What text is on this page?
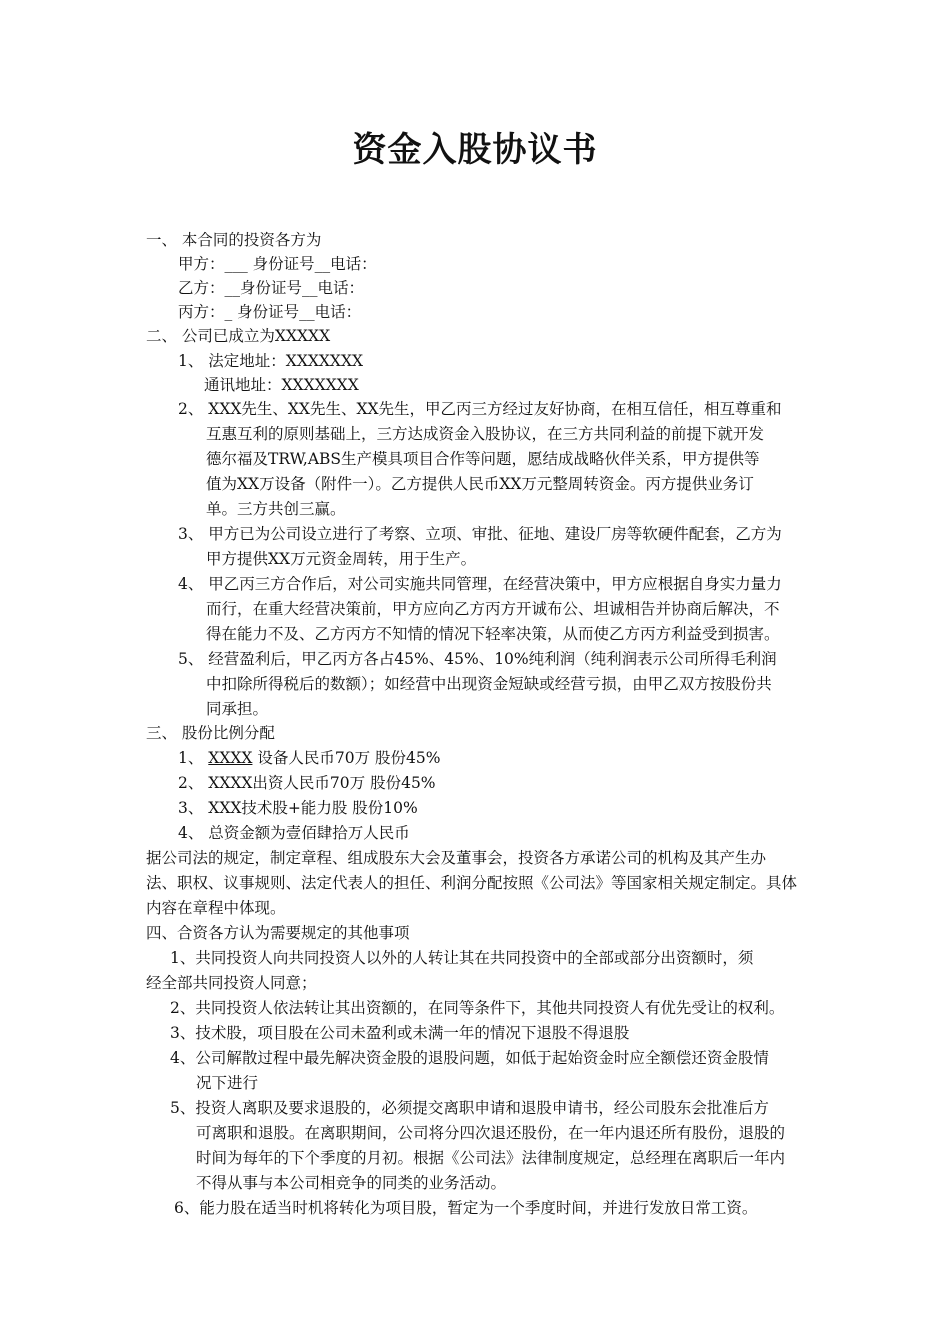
资金入股协议书
一、 本合同的投资各方为
甲方：___ 身份证号__电话：
乙方：__身份证号__电话：
丙方：_ 身份证号__电话：
二、 公司已成立为XXXXX
1、 法定地址：XXXXXXX
通讯地址：XXXXXXX
2、 XXX先生、XX先生、XX先生，甲乙丙三方经过友好协商，在相互信任，相互尊重和
互惠互利的原则基础上，三方达成资金入股协议，在三方共同利益的前提下就开发
德尔福及TRW,ABS生产模具项目合作等问题，愿结成战略伙伴关系，甲方提供等
值为XX万设备（附件一）。乙方提供人民币XX万元整周转资金。丙方提供业务订
单。三方共创三赢。
3、 甲方已为公司设立进行了考察、立项、审批、征地、建设厂房等软硬件配套，乙方为
甲方提供XX万元资金周转，用于生产。
4、 甲乙丙三方合作后，对公司实施共同管理，在经营决策中，甲方应根据自身实力量力
而行，在重大经营决策前，甲方应向乙方丙方开诚布公、坦诚相告并协商后解决，不
得在能力不及、乙方丙方不知情的情况下轻率决策，从而使乙方丙方利益受到损害。
5、 经营盈利后，甲乙丙方各占45%、45%、10%纯利润（纯利润表示公司所得毛利润
中扣除所得税后的数额）；如经营中出现资金短缺或经营亏损，由甲乙双方按股份共
同承担。
三、 股份比例分配
1、 XXXX 设备人民币70万 股份45%
2、 XXXX出资人民币70万 股份45%
3、 XXX技术股+能力股 股份10%
4、 总资金额为壹佰肆拾万人民币
据公司法的规定，制定章程、组成股东大会及董事会，投资各方承诺公司的机构及其产生办
法、职权、议事规则、法定代表人的担任、利润分配按照《公司法》等国家相关规定制定。具体
内容在章程中体现。
四、合资各方认为需要规定的其他事项
1、共同投资人向共同投资人以外的人转让其在共同投资中的全部或部分出资额时，须
经全部共同投资人同意；
2、共同投资人依法转让其出资额的，在同等条件下，其他共同投资人有优先受让的权利。
3、技术股，项目股在公司未盈利或未满一年的情况下退股不得退股
4、公司解散过程中最先解决资金股的退股问题，如低于起始资金时应全额偿还资金股情
况下进行
5、投资人离职及要求退股的，必须提交离职申请和退股申请书，经公司股东会批准后方
可离职和退股。在离职期间，公司将分四次退还股份，在一年内退还所有股份，退股的
时间为每年的下个季度的月初。根据《公司法》法律制度规定，总经理在离职后一年内
不得从事与本公司相竞争的同类的业务活动。
6、能力股在适当时机将转化为项目股，暂定为一个季度时间，并进行发放日常工资。
